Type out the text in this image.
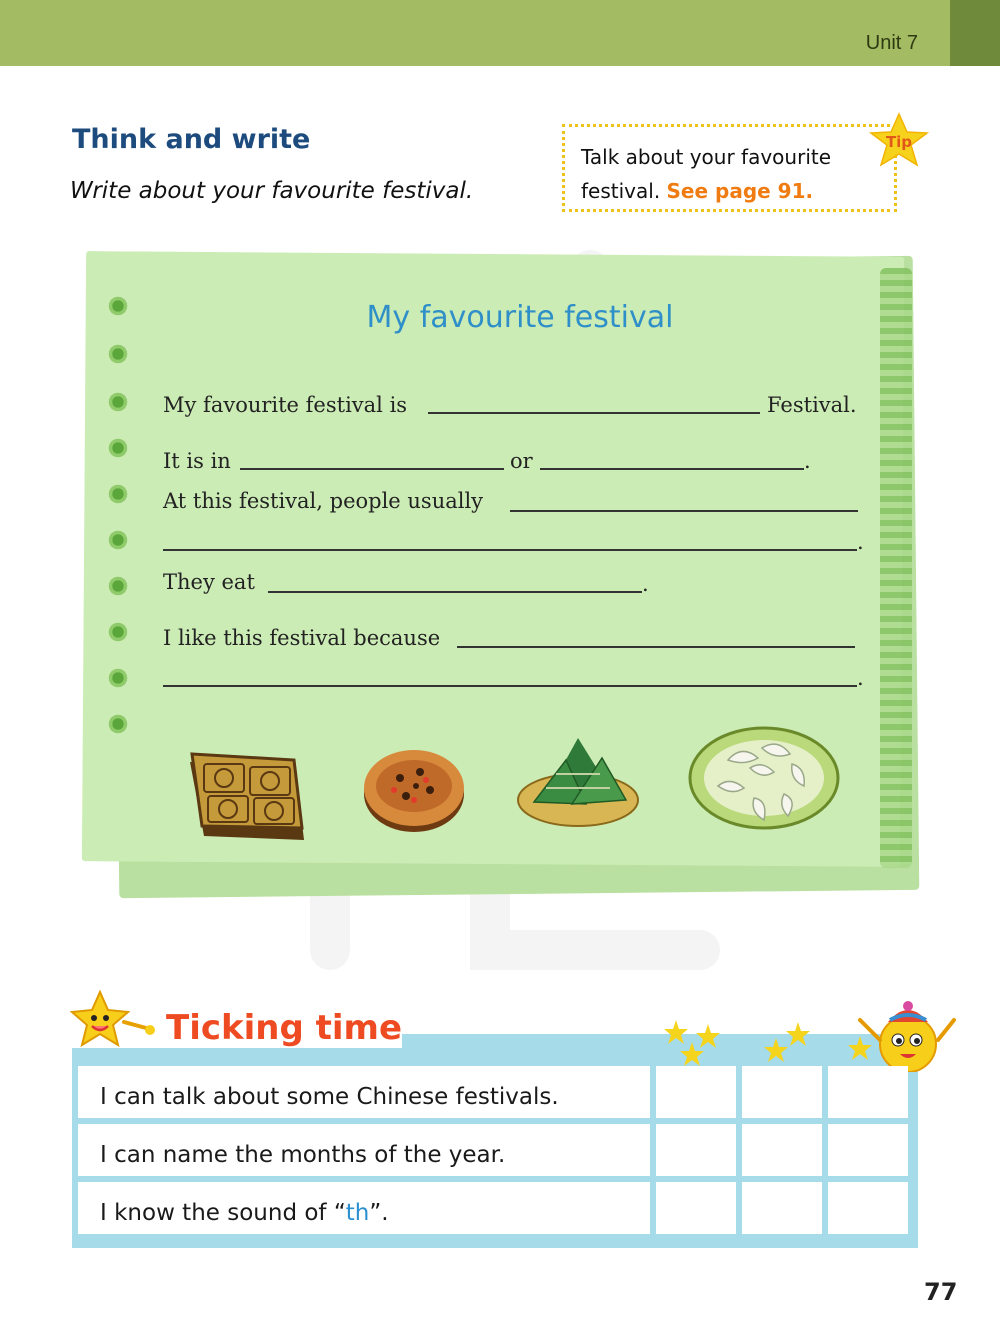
Unit 7
Think and write
Write about your favourite festival.
Talk about your favourite
festival. See page 91.
Tip
My favourite festival
My favourite festival is	Festival.
It is in	or	.
At this festival, people usually
.
They eat	.
I like this festival because
.
Ticking time
I can talk about some Chinese festivals.
I can name the months of the year.
I know the sound of “th”.
77
